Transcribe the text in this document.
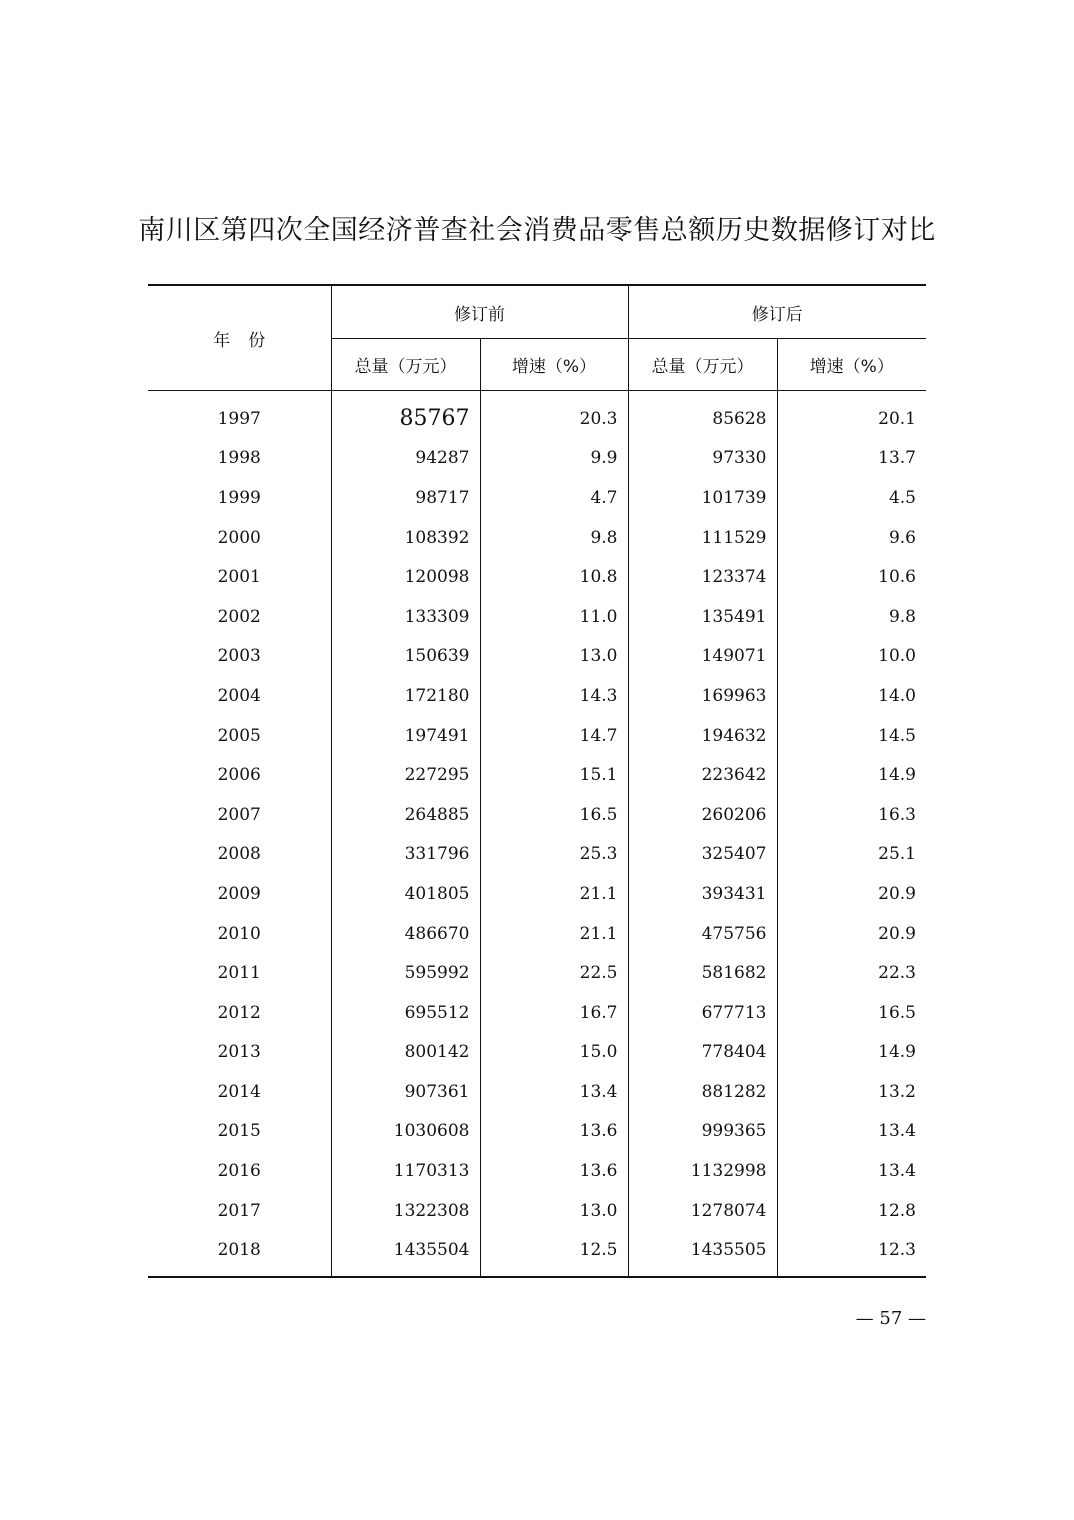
南川区第四次全国经济普查社会消费品零售总额历史数据修订对比
年份	修订前		修订后	
	总量（万元）	增速（%）	总量（万元）	增速（%）
1997	85767	20.3	85628	20.1
1998	94287	9.9	97330	13.7
1999	98717	4.7	101739	4.5
2000	108392	9.8	111529	9.6
2001	120098	10.8	123374	10.6
2002	133309	11.0	135491	9.8
2003	150639	13.0	149071	10.0
2004	172180	14.3	169963	14.0
2005	197491	14.7	194632	14.5
2006	227295	15.1	223642	14.9
2007	264885	16.5	260206	16.3
2008	331796	25.3	325407	25.1
2009	401805	21.1	393431	20.9
2010	486670	21.1	475756	20.9
2011	595992	22.5	581682	22.3
2012	695512	16.7	677713	16.5
2013	800142	15.0	778404	14.9
2014	907361	13.4	881282	13.2
2015	1030608	13.6	999365	13.4
2016	1170313	13.6	1132998	13.4
2017	1322308	13.0	1278074	12.8
2018	1435504	12.5	1435505	12.3
— 57 —
